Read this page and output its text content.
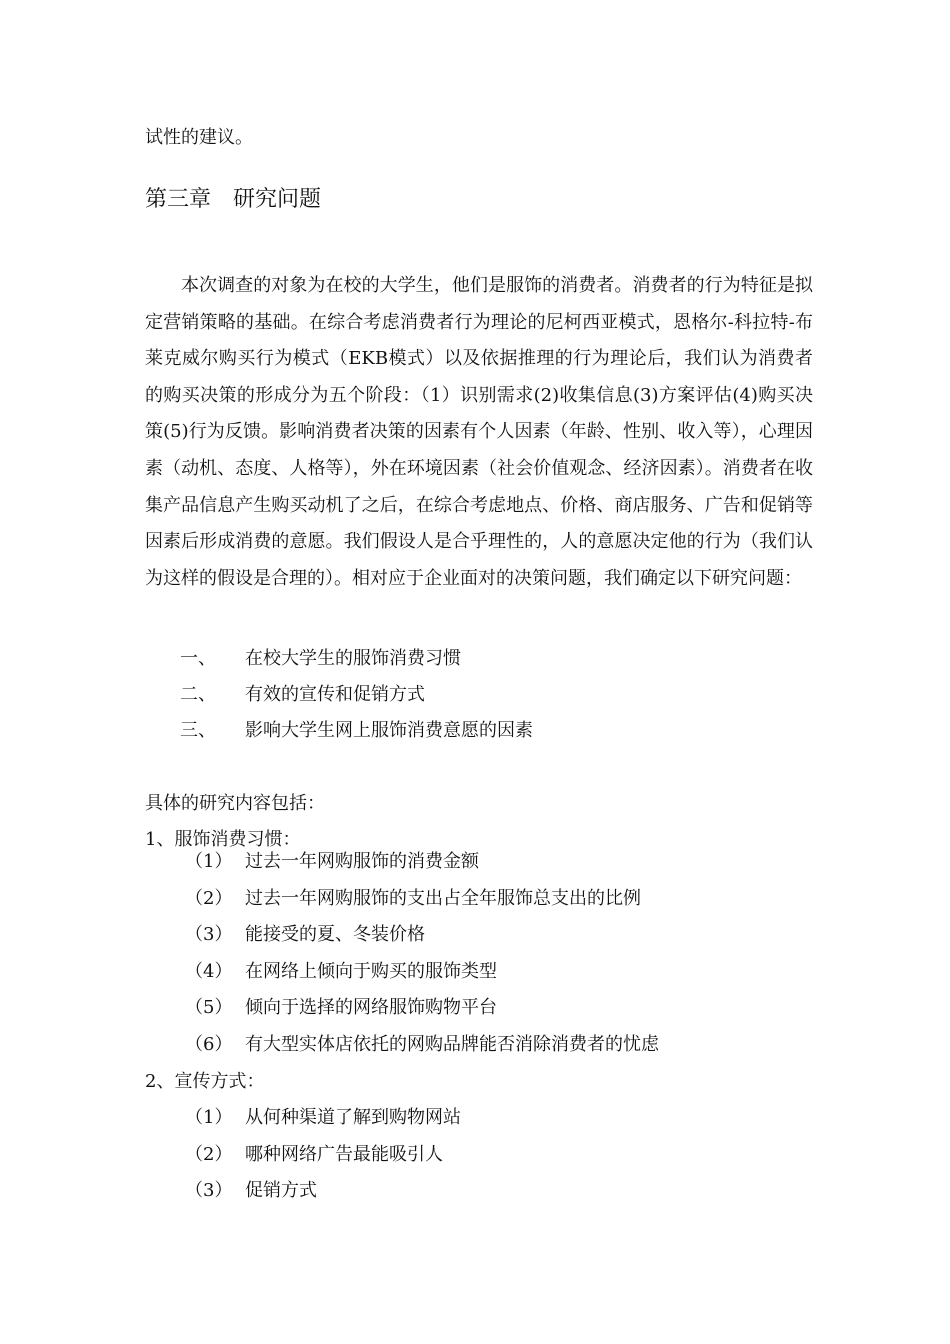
试性的建议。
第三章　研究问题

本次调查的对象为在校的大学生，他们是服饰的消费者。消费者的行为特征是拟定营销策略的基础。在综合考虑消费者行为理论的尼柯西亚模式，恩格尔-科拉特-布莱克威尔购买行为模式（EKB模式）以及依据推理的行为理论后，我们认为消费者的购买决策的形成分为五个阶段：（1）识别需求(2)收集信息(3)方案评估(4)购买决策(5)行为反馈。影响消费者决策的因素有个人因素（年龄、性别、收入等），心理因素（动机、态度、人格等），外在环境因素（社会价值观念、经济因素）。消费者在收集产品信息产生购买动机了之后，在综合考虑地点、价格、商店服务、广告和促销等因素后形成消费的意愿。我们假设人是合乎理性的，人的意愿决定他的行为（我们认为这样的假设是合理的）。相对应于企业面对的决策问题，我们确定以下研究问题：

一、 在校大学生的服饰消费习惯
二、 有效的宣传和促销方式
三、 影响大学生网上服饰消费意愿的因素
具体的研究内容包括：
1、服饰消费习惯：
（1） 过去一年网购服饰的消费金额
（2） 过去一年网购服饰的支出占全年服饰总支出的比例
（3） 能接受的夏、冬装价格
（4） 在网络上倾向于购买的服饰类型
（5） 倾向于选择的网络服饰购物平台
（6） 有大型实体店依托的网购品牌能否消除消费者的忧虑
2、宣传方式：
（1） 从何种渠道了解到购物网站
（2） 哪种网络广告最能吸引人
（3） 促销方式
